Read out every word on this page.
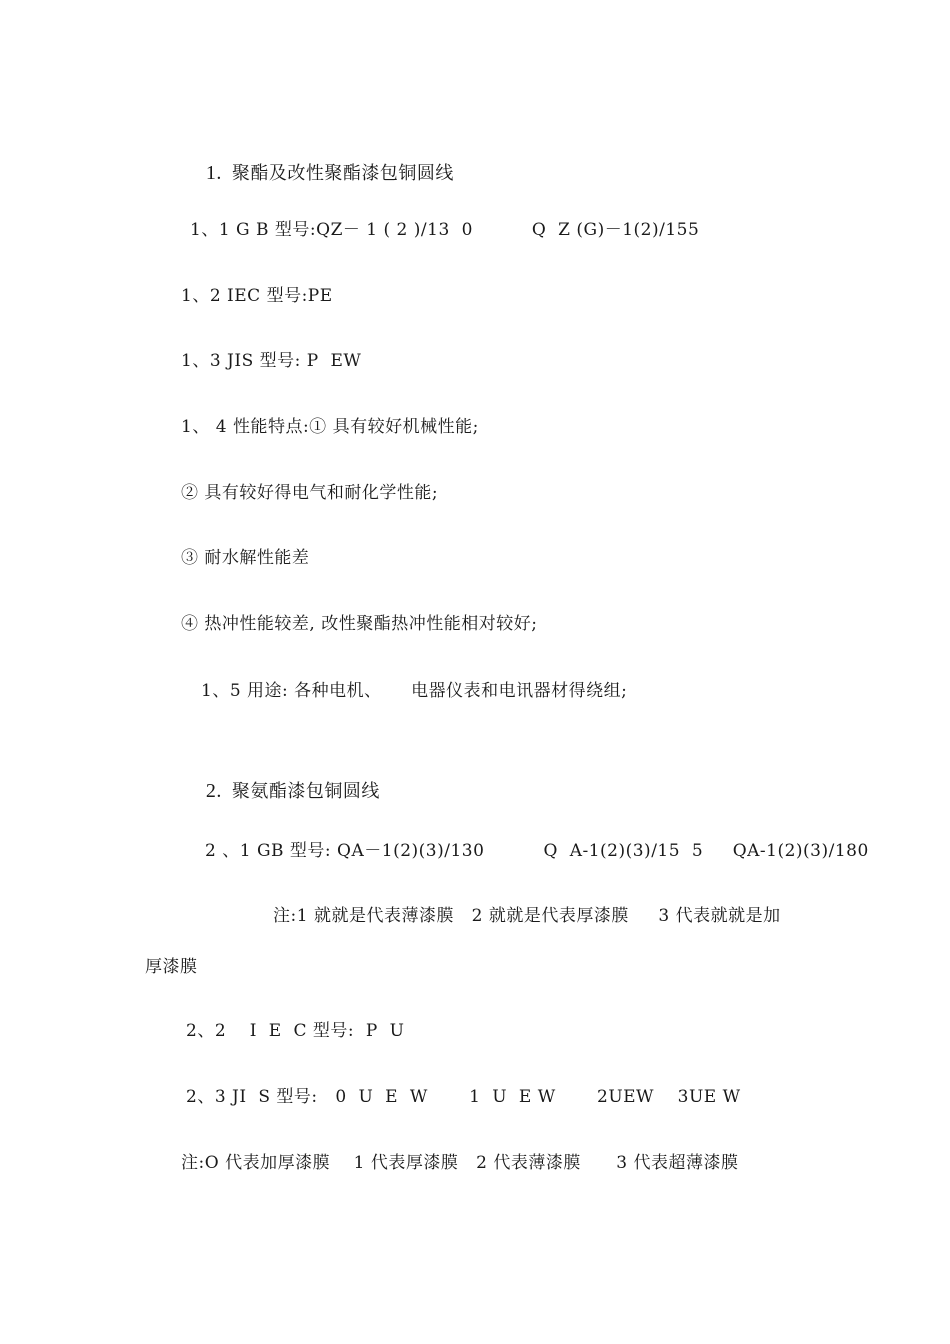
1. 聚酯及改性聚酯漆包铜圆线

1、1 G B 型号:QZ－ 1 ( 2 )/13  0          Q  Z (G)－1(2)/155
1、2 IEC 型号:PE
1、3 JIS 型号: P  EW
1、 4 性能特点:① 具有较好机械性能;
② 具有较好得电气和耐化学性能;
③ 耐水解性能差
④ 热冲性能较差, 改性聚酯热冲性能相对较好;
1、5 用途: 各种电机、     电器仪表和电讯器材得绕组;

2. 聚氨酯漆包铜圆线

2 、1 GB 型号: QA－1(2)(3)/130          Q  A-1(2)(3)/15  5     QA-1(2)(3)/180
注:1 就就是代表薄漆膜   2 就就是代表厚漆膜     3 代表就就是加
厚漆膜
2、2    I  E  C 型号:  P  U
2、3 JI  S 型号:   0  U  E  W       1  U  E W       2UEW    3UE W
注:O 代表加厚漆膜    1 代表厚漆膜   2 代表薄漆膜      3 代表超薄漆膜
